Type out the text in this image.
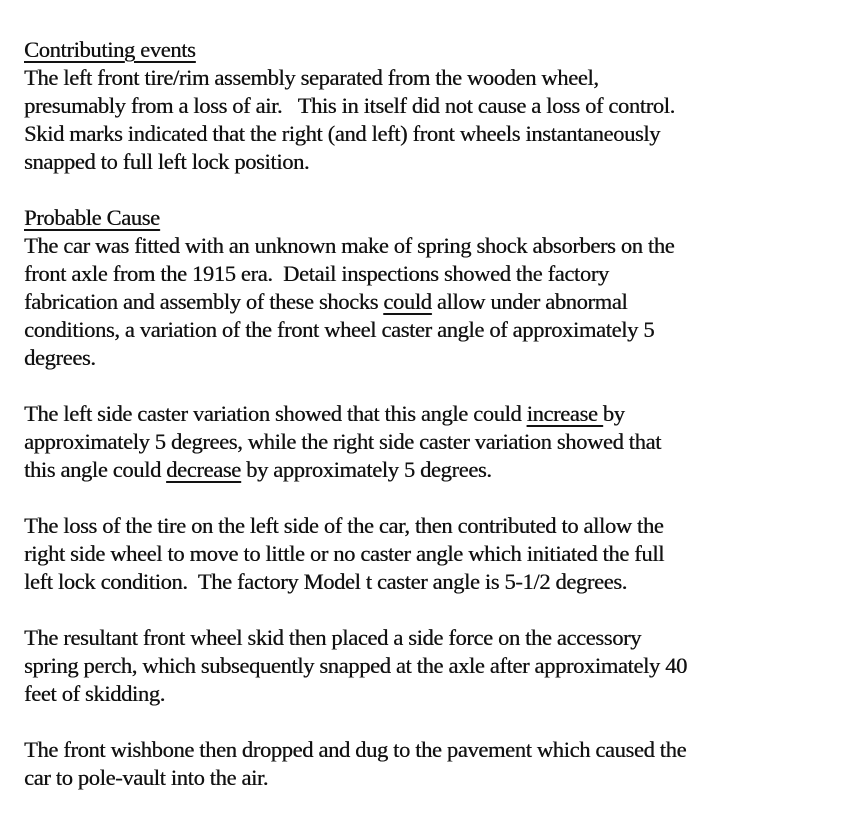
Contributing events
The left front tire/rim assembly separated from the wooden wheel,
presumably from a loss of air.   This in itself did not cause a loss of control.
Skid marks indicated that the right (and left) front wheels instantaneously
snapped to full left lock position.
Probable Cause
The car was fitted with an unknown make of spring shock absorbers on the
front axle from the 1915 era.  Detail inspections showed the factory
fabrication and assembly of these shocks could allow under abnormal
conditions, a variation of the front wheel caster angle of approximately 5
degrees.
The left side caster variation showed that this angle could increase by
approximately 5 degrees, while the right side caster variation showed that
this angle could decrease by approximately 5 degrees.
The loss of the tire on the left side of the car, then contributed to allow the
right side wheel to move to little or no caster angle which initiated the full
left lock condition.  The factory Model t caster angle is 5-1/2 degrees.
The resultant front wheel skid then placed a side force on the accessory
spring perch, which subsequently snapped at the axle after approximately 40
feet of skidding.
The front wishbone then dropped and dug to the pavement which caused the
car to pole-vault into the air.
